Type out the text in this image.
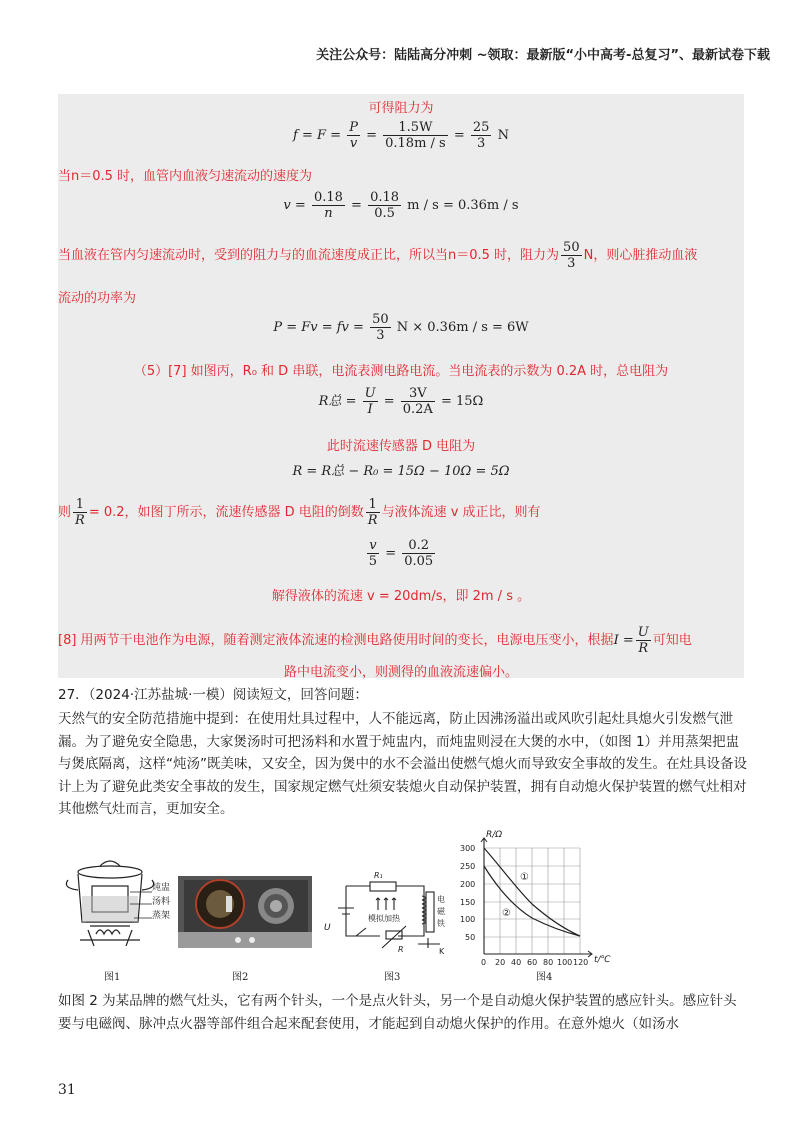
关注公众号：陆陆高分冲刺 ~领取：最新版“小中高考-总复习”、最新试卷下载
可得阻力为
$f = F = \frac{P}{v} = \frac{1.5W}{0.18m / s} = \frac{25}{3}$ N
当n＝0.5 时，血管内血液匀速流动的速度为
$v = \frac{0.18}{n} = \frac{0.18}{0.5}$ m / s = 0.36m / s
当血液在管内匀速流动时，受到的阻力与的血流速度成正比，所以当n＝0.5 时，阻力为 $\frac{50}{3}$ N，则心脏推动血液
流动的功率为
P = Fv = fv = $\frac{50}{3}$ N × 0.36m / s = 6W
（5）[7] 如图丙，R₀ 和 D 串联，电流表测电路电流。当电流表的示数为 0.2A 时，总电阻为
R总 = $\frac{U}{I} = \frac{3V}{0.2A} = 15\Omega$
此时流速传感器 D 电阻为
R = R总 − R₀ = 15Ω − 10Ω = 5Ω
则 $\frac{1}{R} = 0.2$，如图丁所示，流速传感器 D 电阻的倒数 $\frac{1}{R}$ 与液体流速 v 成正比，则有
$\frac{v}{5} = \frac{0.2}{0.05}$
解得液体的流速 v = 20dm/s，即 2m / s 。
[8] 用两节干电池作为电源，随着测定液体流速的检测电路使用时间的变长，电源电压变小，根据$I = \frac{U}{R}$ 可知电
路中电流变小，则测得的血液流速偏小。
27．（2024·江苏盐城·一模）阅读短文，回答问题：
天然气的安全防范措施中提到：在使用灶具过程中，人不能远离，防止因沸汤溢出或风吹引起灶具熄火引发燃气泄漏。为了避免安全隐患，大家煲汤时可把汤料和水置于炖盅内，而炖盅则浸在大煲的水中，（如图 1）并用蒸架把盅与煲底隔离，这样“炖汤”既美味，又安全，因为煲中的水不会溢出使燃气熄火而导致安全事故的发生。在灶具设备设计上为了避免此类安全事故的发生，国家规定燃气灶须安装熄火自动保护装置，拥有自动熄火保护装置的燃气灶相对其他燃气灶而言，更加安全。
炖盅
汤料
蒸架
图1	图2
R₁
模拟加热
U
R
电
磁
铁
K
图3
R/Ω
t/℃
300
250
200
150
100
50
0 20 40 60 80 100 120
①
②
图4
如图 2 为某品牌的燃气灶头，它有两个针头，一个是点火针头，另一个是自动熄火保护装置的感应针头。感应针头要与电磁阀、脉冲点火器等部件组合起来配套使用，才能起到自动熄火保护的作用。在意外熄火（如汤水
31
